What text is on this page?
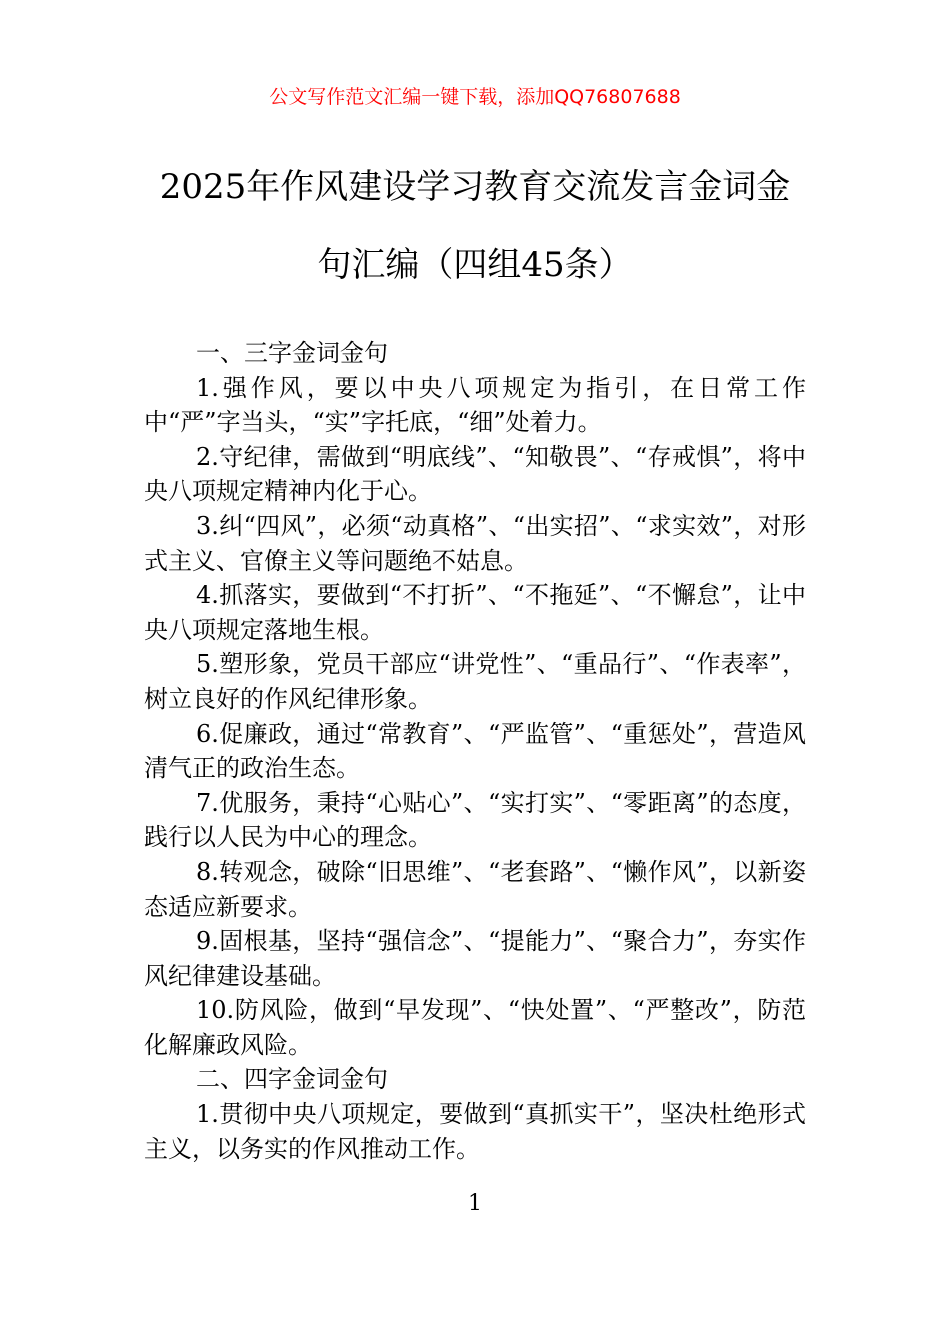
公文写作范文汇编一键下载，添加QQ76807688
2025年作风建设学习教育交流发言金词金
句汇编（四组45条）

一、三字金词金句

1.强作风，要以中央八项规定为指引，在日常工作中“严”字当头，“实”字托底，“细”处着力。

2.守纪律，需做到“明底线”、“知敬畏”、“存戒惧”，将中央八项规定精神内化于心。

3.纠“四风”，必须“动真格”、“出实招”、“求实效”，对形式主义、官僚主义等问题绝不姑息。

4.抓落实，要做到“不打折”、“不拖延”、“不懈怠”，让中央八项规定落地生根。

5.塑形象，党员干部应“讲党性”、“重品行”、“作表率”，树立良好的作风纪律形象。

6.促廉政，通过“常教育”、“严监管”、“重惩处”，营造风清气正的政治生态。

7.优服务，秉持“心贴心”、“实打实”、“零距离”的态度，践行以人民为中心的理念。

8.转观念，破除“旧思维”、“老套路”、“懒作风”，以新姿态适应新要求。

9.固根基，坚持“强信念”、“提能力”、“聚合力”，夯实作风纪律建设基础。

10.防风险，做到“早发现”、“快处置”、“严整改”，防范化解廉政风险。

二、四字金词金句

1.贯彻中央八项规定，要做到“真抓实干”，坚决杜绝形式主义，以务实的作风推动工作。

1
